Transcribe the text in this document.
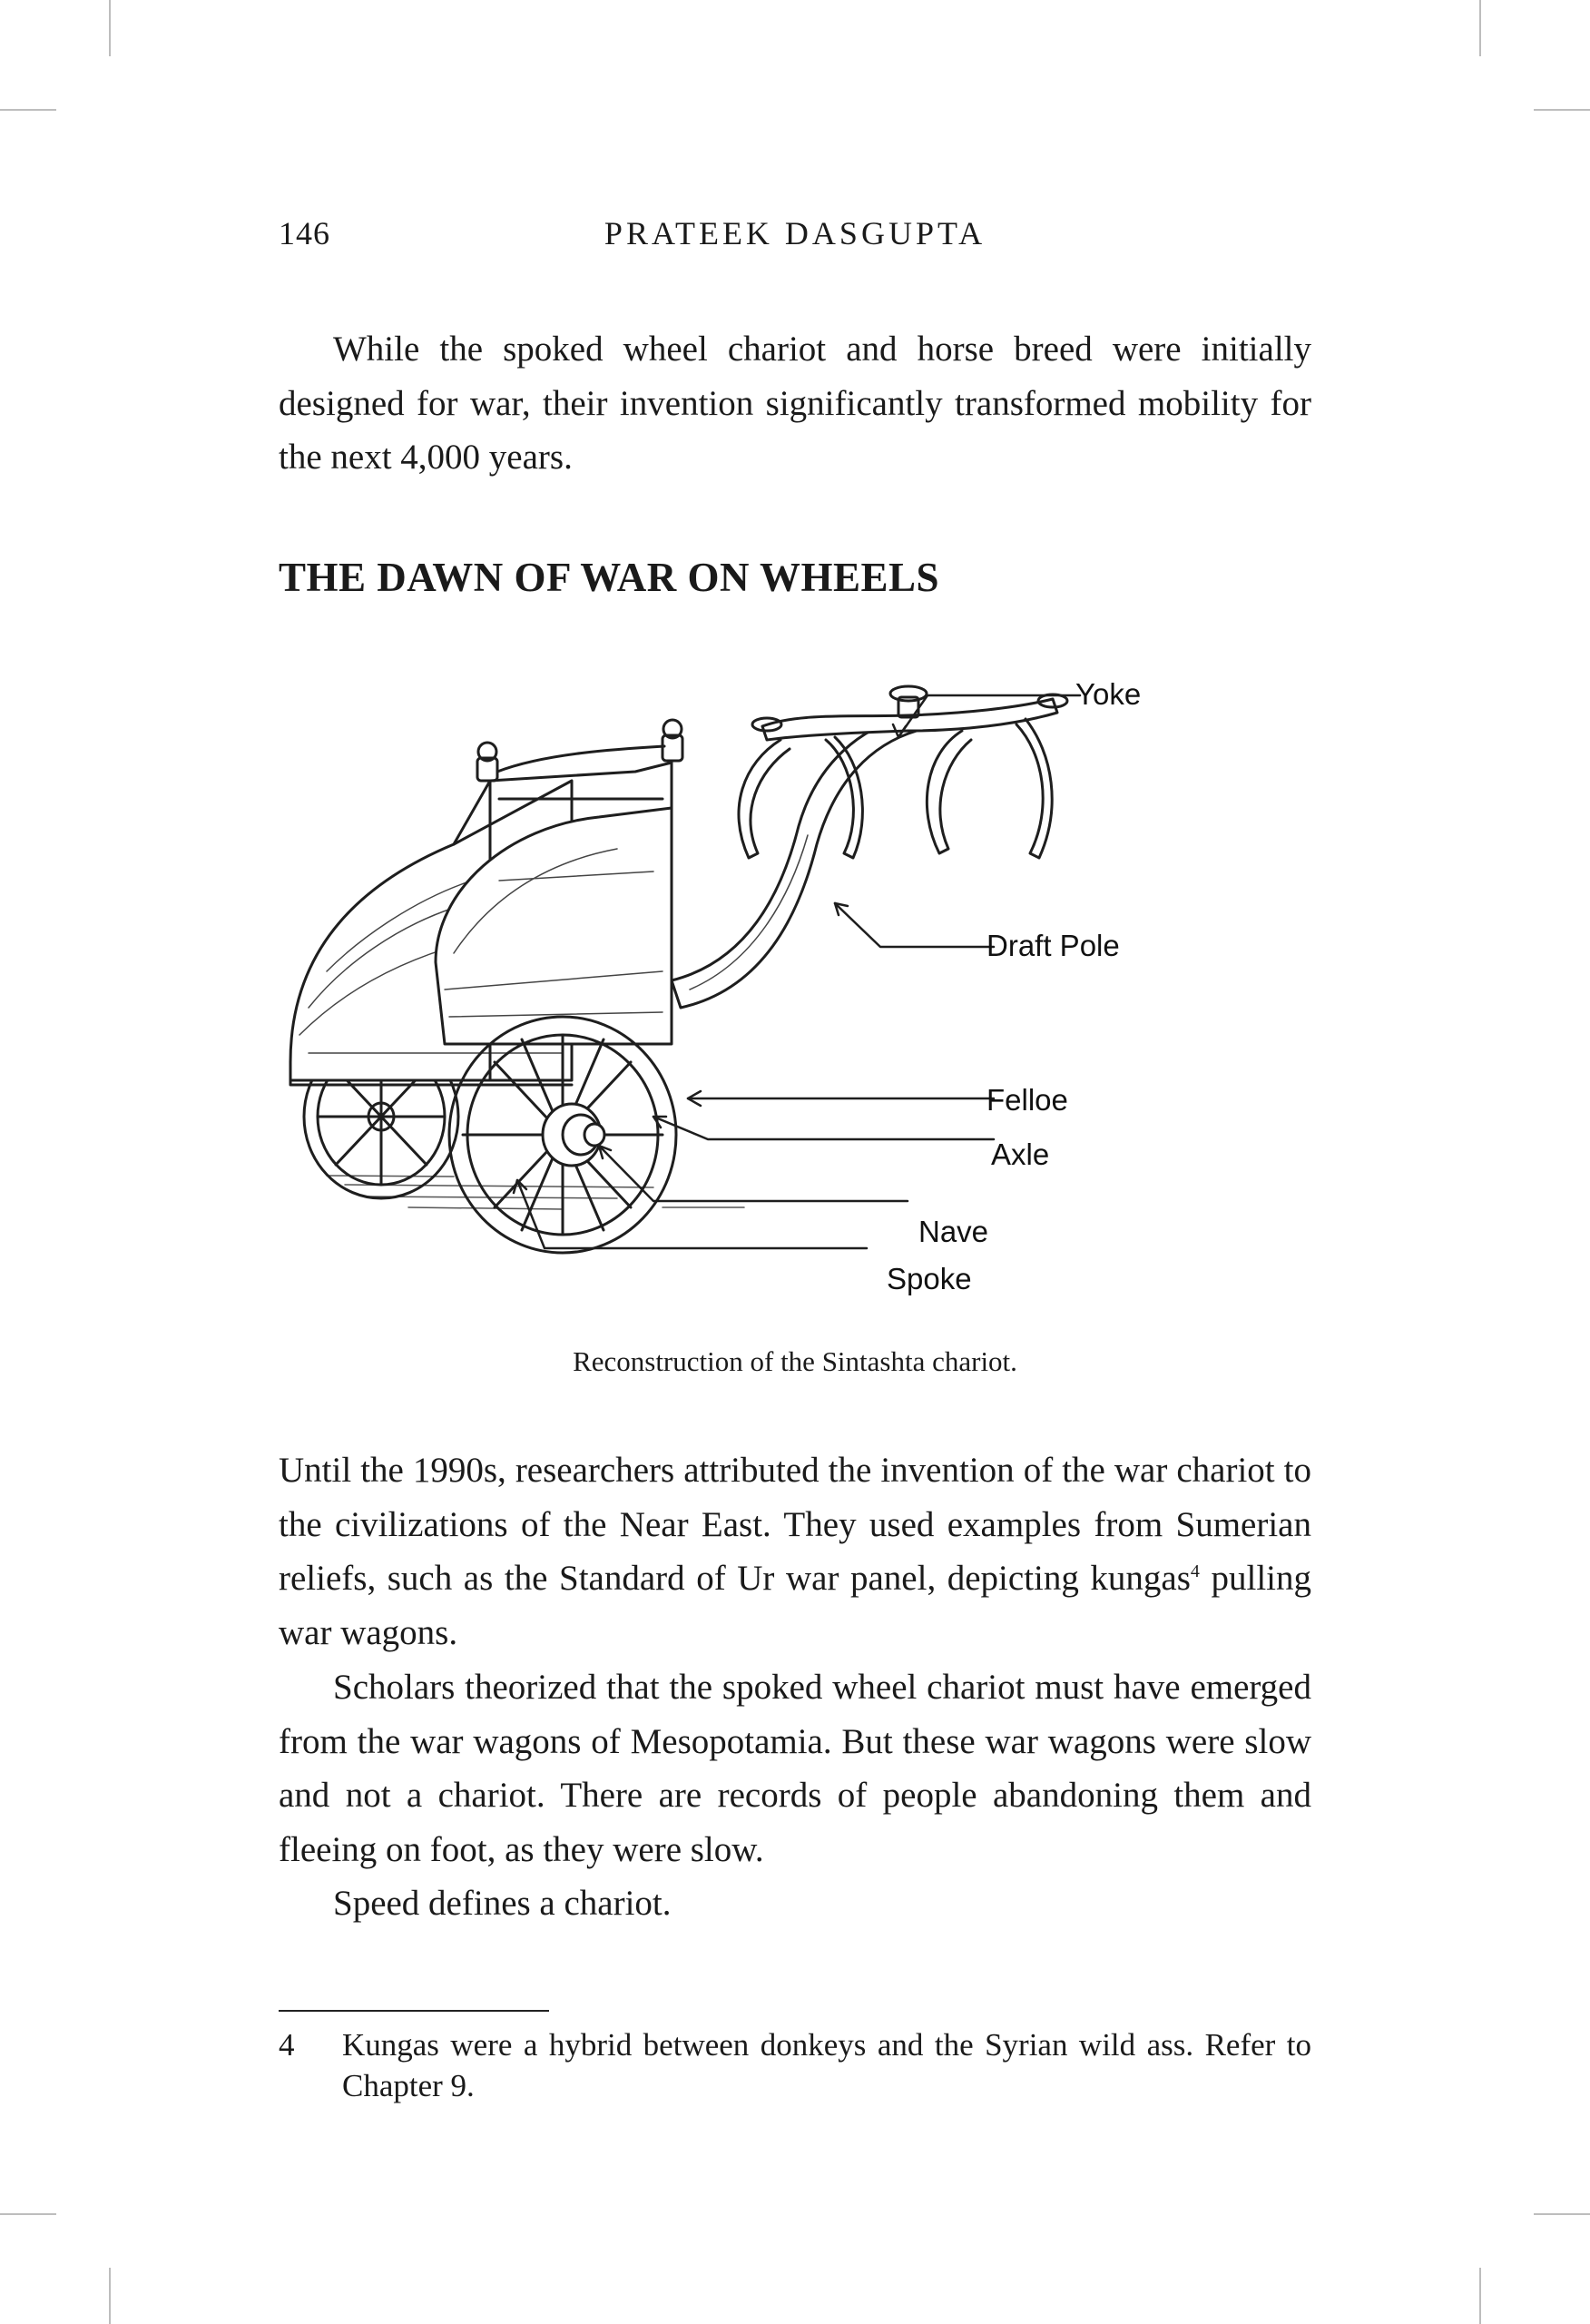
146	PRATEEK DASGUPTA

While the spoked wheel chariot and horse breed were initially designed for war, their invention significantly transformed mobility for the next 4,000 years.

THE DAWN OF WAR ON WHEELS
Yoke
Draft Pole
Felloe
Axle
Nave
Spoke
Reconstruction of the Sintashta chariot.

Until the 1990s, researchers attributed the invention of the war chariot to the civilizations of the Near East. They used examples from Sumerian reliefs, such as the Standard of Ur war panel, depicting kungas$^4$ pulling war wagons.

Scholars theorized that the spoked wheel chariot must have emerged from the war wagons of Mesopotamia. But these war wagons were slow and not a chariot. There are records of people abandoning them and fleeing on foot, as they were slow.

Speed defines a chariot.

4 Kungas were a hybrid between donkeys and the Syrian wild ass. Refer to Chapter 9.
